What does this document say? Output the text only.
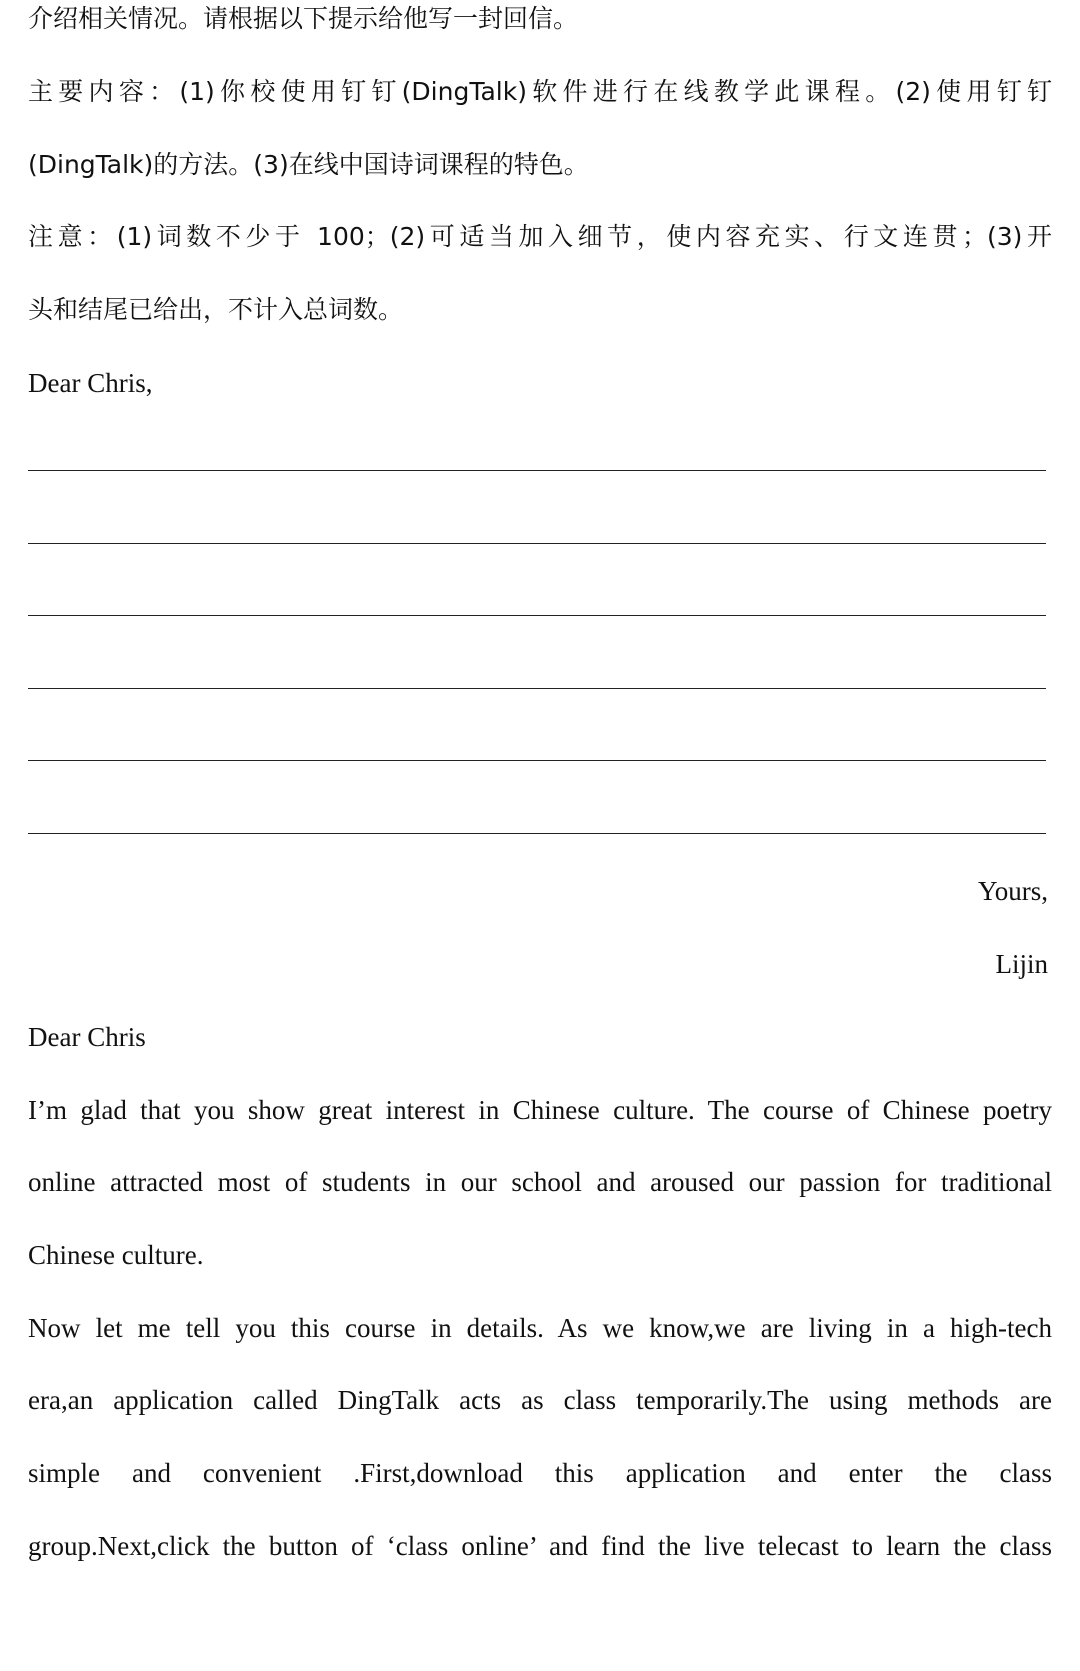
介绍相关情况。请根据以下提示给他写一封回信。
主要内容：(1)你校使用钉钉(DingTalk)软件进行在线教学此课程。(2)使用钉钉
(DingTalk)的方法。(3)在线中国诗词课程的特色。
注意：(1)词数不少于 100；(2)可适当加入细节，使内容充实、行文连贯；(3)开
头和结尾已给出，不计入总词数。
Dear Chris,
Yours,
Lijin
Dear Chris
I’m glad that you show great interest in Chinese culture. The course of Chinese poetry
online attracted most of students in our school and aroused our passion for traditional
Chinese culture.
Now let me tell you this course in details. As we know,we are living in a high-tech
era,an application called DingTalk acts as class temporarily.The using methods are
simple and convenient .First,download this application and enter the class
group.Next,click the button of ‘class online’ and find the live telecast to learn the class
